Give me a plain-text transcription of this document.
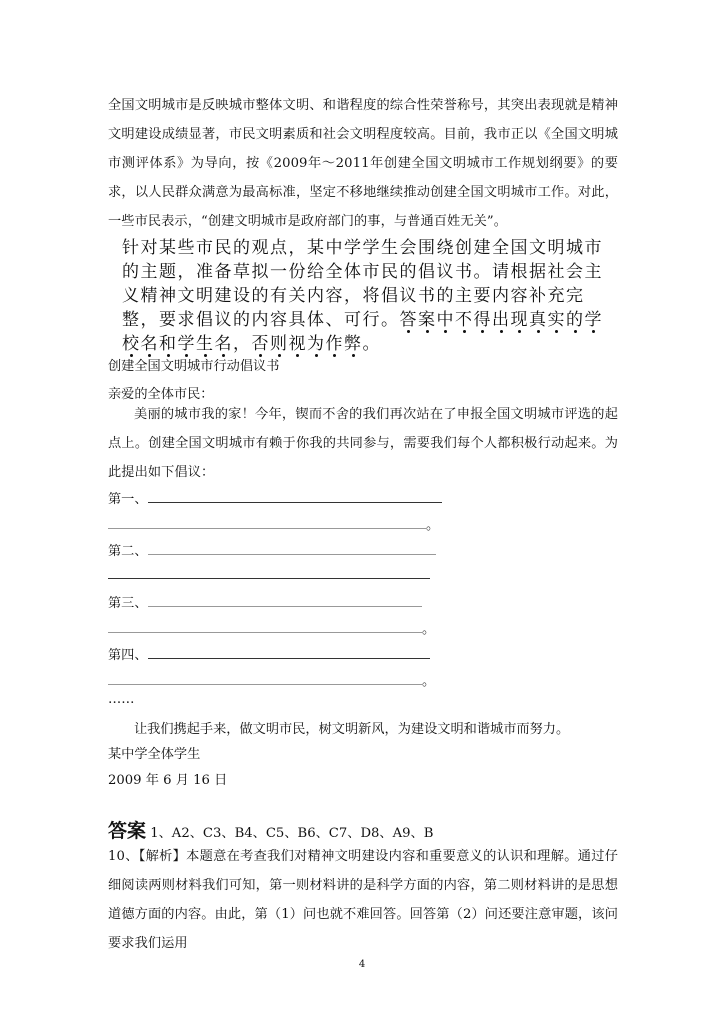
全国文明城市是反映城市整体文明、和谐程度的综合性荣誉称号，其突出表现就是精神文明建设成绩显著，市民文明素质和社会文明程度较高。目前，我市正以《全国文明城市测评体系》为导向，按《2009年～2011年创建全国文明城市工作规划纲要》的要求，以人民群众满意为最高标准，坚定不移地继续推动创建全国文明城市工作。对此，一些市民表示，“创建文明城市是政府部门的事，与普通百姓无关”。
针对某些市民的观点，某中学学生会围绕创建全国文明城市的主题，准备草拟一份给全体市民的倡议书。请根据社会主义精神文明建设的有关内容，将倡议书的主要内容补充完整，要求倡议的内容具体、可行。答案中不得出现真实的学校名和学生名，否则视为作弊。
创建全国文明城市行动倡议书
亲爱的全体市民：
美丽的城市我的家！今年，锲而不舍的我们再次站在了申报全国文明城市评选的起点上。创建全国文明城市有赖于你我的共同参与，需要我们每个人都积极行动起来。为此提出如下倡议：
第一、
。
第二、
第三、
。
第四、
。
……
让我们携起手来，做文明市民，树文明新风，为建设文明和谐城市而努力。
某中学全体学生
2009 年 6 月 16 日
答案 1、A2、C3、B4、C5、B6、C7、D8、A9、B
10、【解析】本题意在考查我们对精神文明建设内容和重要意义的认识和理解。通过仔细阅读两则材料我们可知，第一则材料讲的是科学方面的内容，第二则材料讲的是思想道德方面的内容。由此，第（1）问也就不难回答。回答第（2）问还要注意审题，该问要求我们运用
4
